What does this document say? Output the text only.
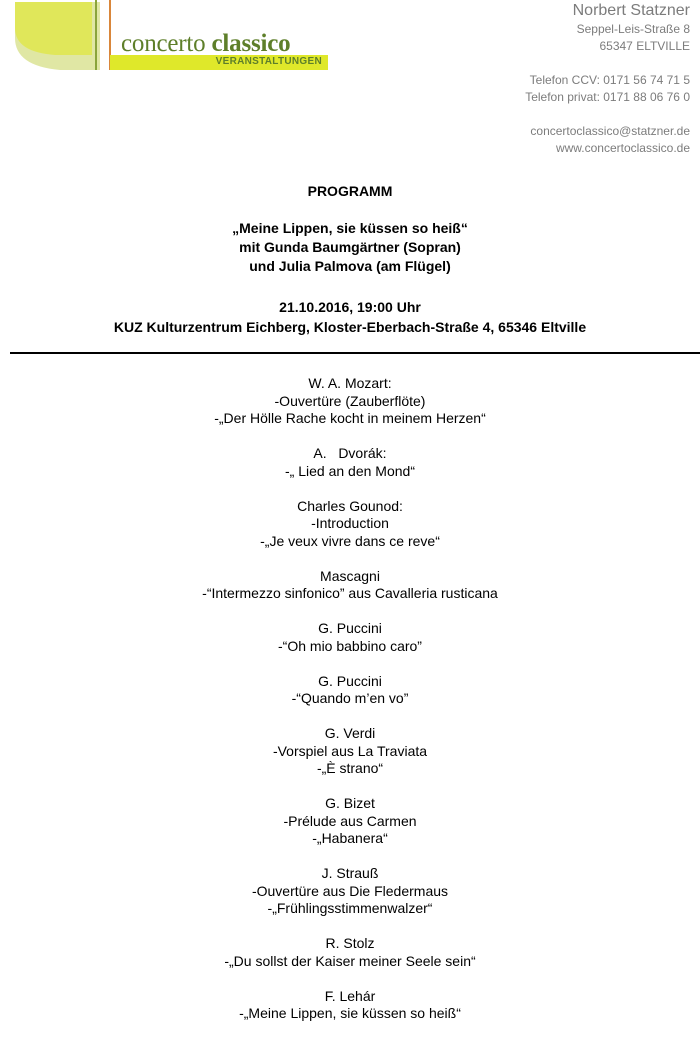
VERANSTALTUNGEN
concerto classico
Norbert Statzner
Seppel-Leis-Straße 8
65347 ELTVILLE
Telefon CCV: 0171 56 74 71 5
Telefon privat: 0171 88 06 76 0
concertoclassico@statzner.de
www.concertoclassico.de
PROGRAMM
„Meine Lippen, sie küssen so heiß“
mit Gunda Baumgärtner (Sopran)
und Julia Palmova (am Flügel)
21.10.2016, 19:00 Uhr
KUZ Kulturzentrum Eichberg, Kloster-Eberbach-Straße 4, 65346 Eltville
W. A. Mozart:
-Ouvertüre (Zauberflöte)
-„Der Hölle Rache kocht in meinem Herzen“
A.   Dvorák:
-„ Lied an den Mond“
Charles Gounod:
-Introduction
-„Je veux vivre dans ce reve“
Mascagni
-“Intermezzo sinfonico” aus Cavalleria rusticana
G. Puccini
-“Oh mio babbino caro”
G. Puccini
-“Quando m’en vo”
G. Verdi
-Vorspiel aus La Traviata
-„È strano“
G. Bizet
-Prélude aus Carmen
-„Habanera“
J. Strauß
-Ouvertüre aus Die Fledermaus
-„Frühlingsstimmenwalzer“
R. Stolz
-„Du sollst der Kaiser meiner Seele sein“
F. Lehár
-„Meine Lippen, sie küssen so heiß“
